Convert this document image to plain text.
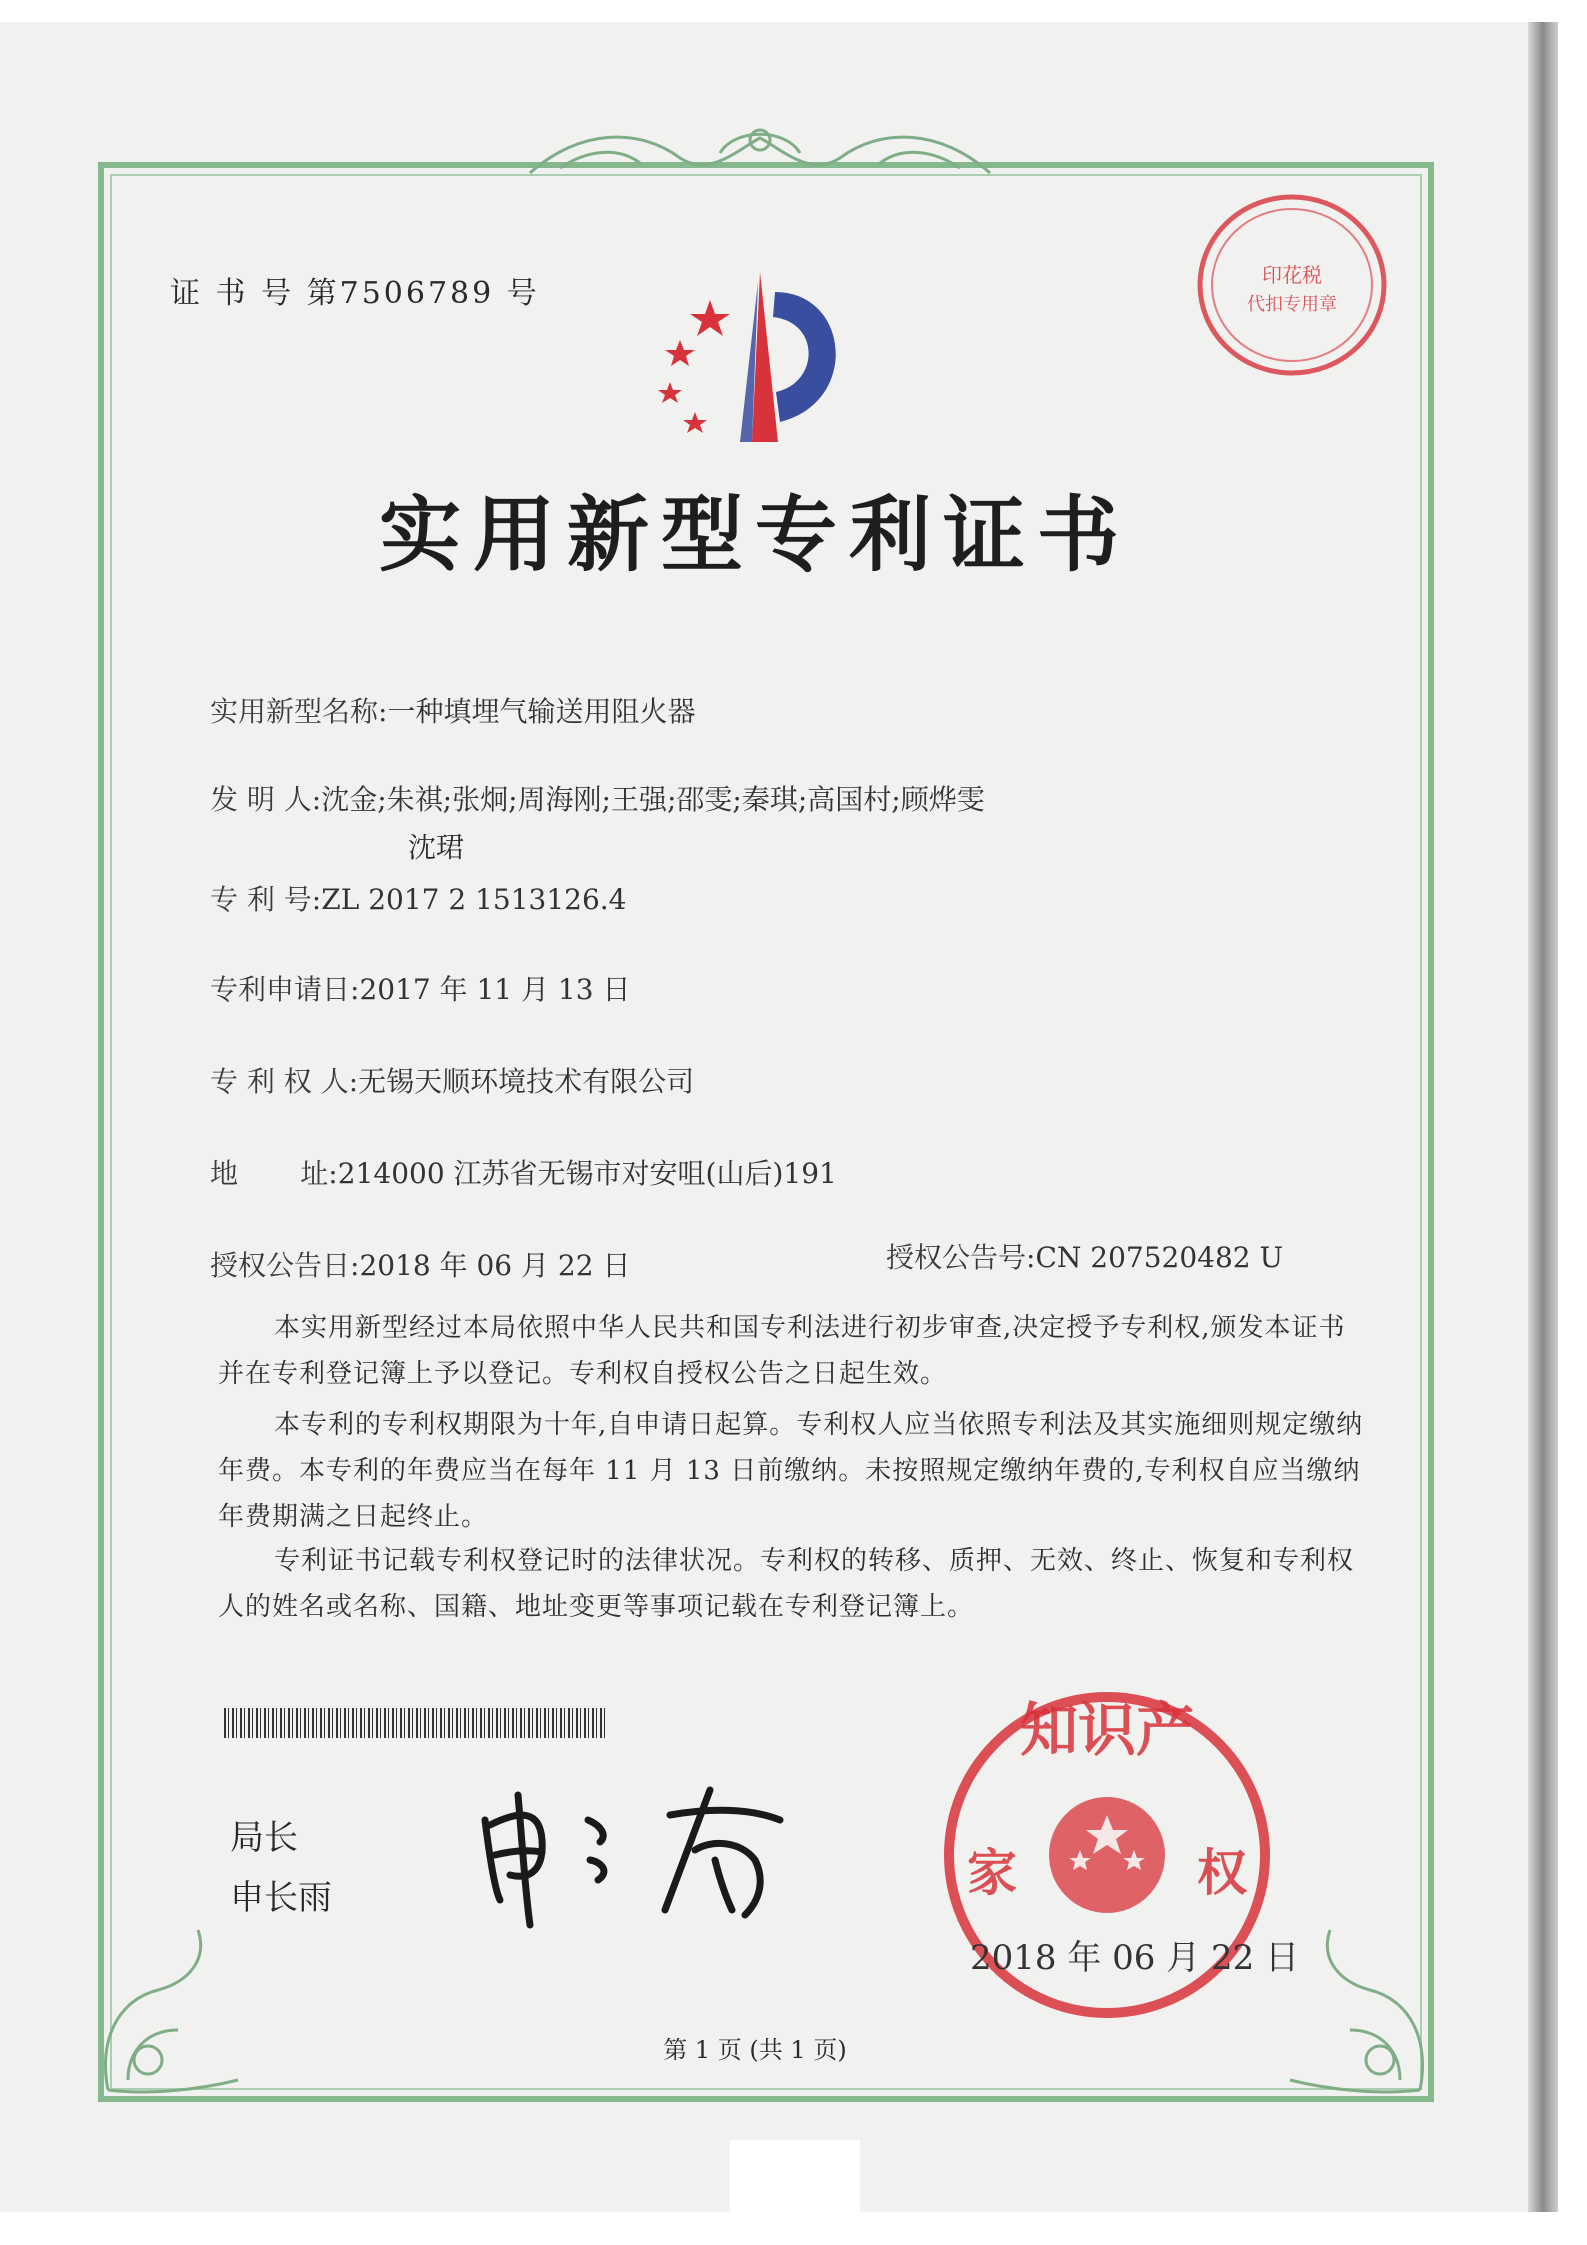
证 书 号 第7506789 号
印花税
代扣专用章
实用新型专利证书
实用新型名称:一种填埋气输送用阻火器
发 明 人:沈金;朱祺;张炯;周海刚;王强;邵雯;秦琪;高国村;顾烨雯
沈珺
专 利 号:ZL 2017 2 1513126.4
专利申请日:2017 年 11 月 13 日
专 利 权 人:无锡天顺环境技术有限公司
地       址:214000 江苏省无锡市对安咀(山后)191
授权公告日:2018 年 06 月 22 日	授权公告号:CN 207520482 U
本实用新型经过本局依照中华人民共和国专利法进行初步审查,决定授予专利权,颁发本证书并在专利登记簿上予以登记。专利权自授权公告之日起生效。
本专利的专利权期限为十年,自申请日起算。专利权人应当依照专利法及其实施细则规定缴纳年费。本专利的年费应当在每年 11 月 13 日前缴纳。未按照规定缴纳年费的,专利权自应当缴纳年费期满之日起终止。
专利证书记载专利权登记时的法律状况。专利权的转移、质押、无效、终止、恢复和专利权人的姓名或名称、国籍、地址变更等事项记载在专利登记簿上。
局长
申长雨
知识产
家	权
2018 年 06 月 22 日
第 1 页 (共 1 页)
